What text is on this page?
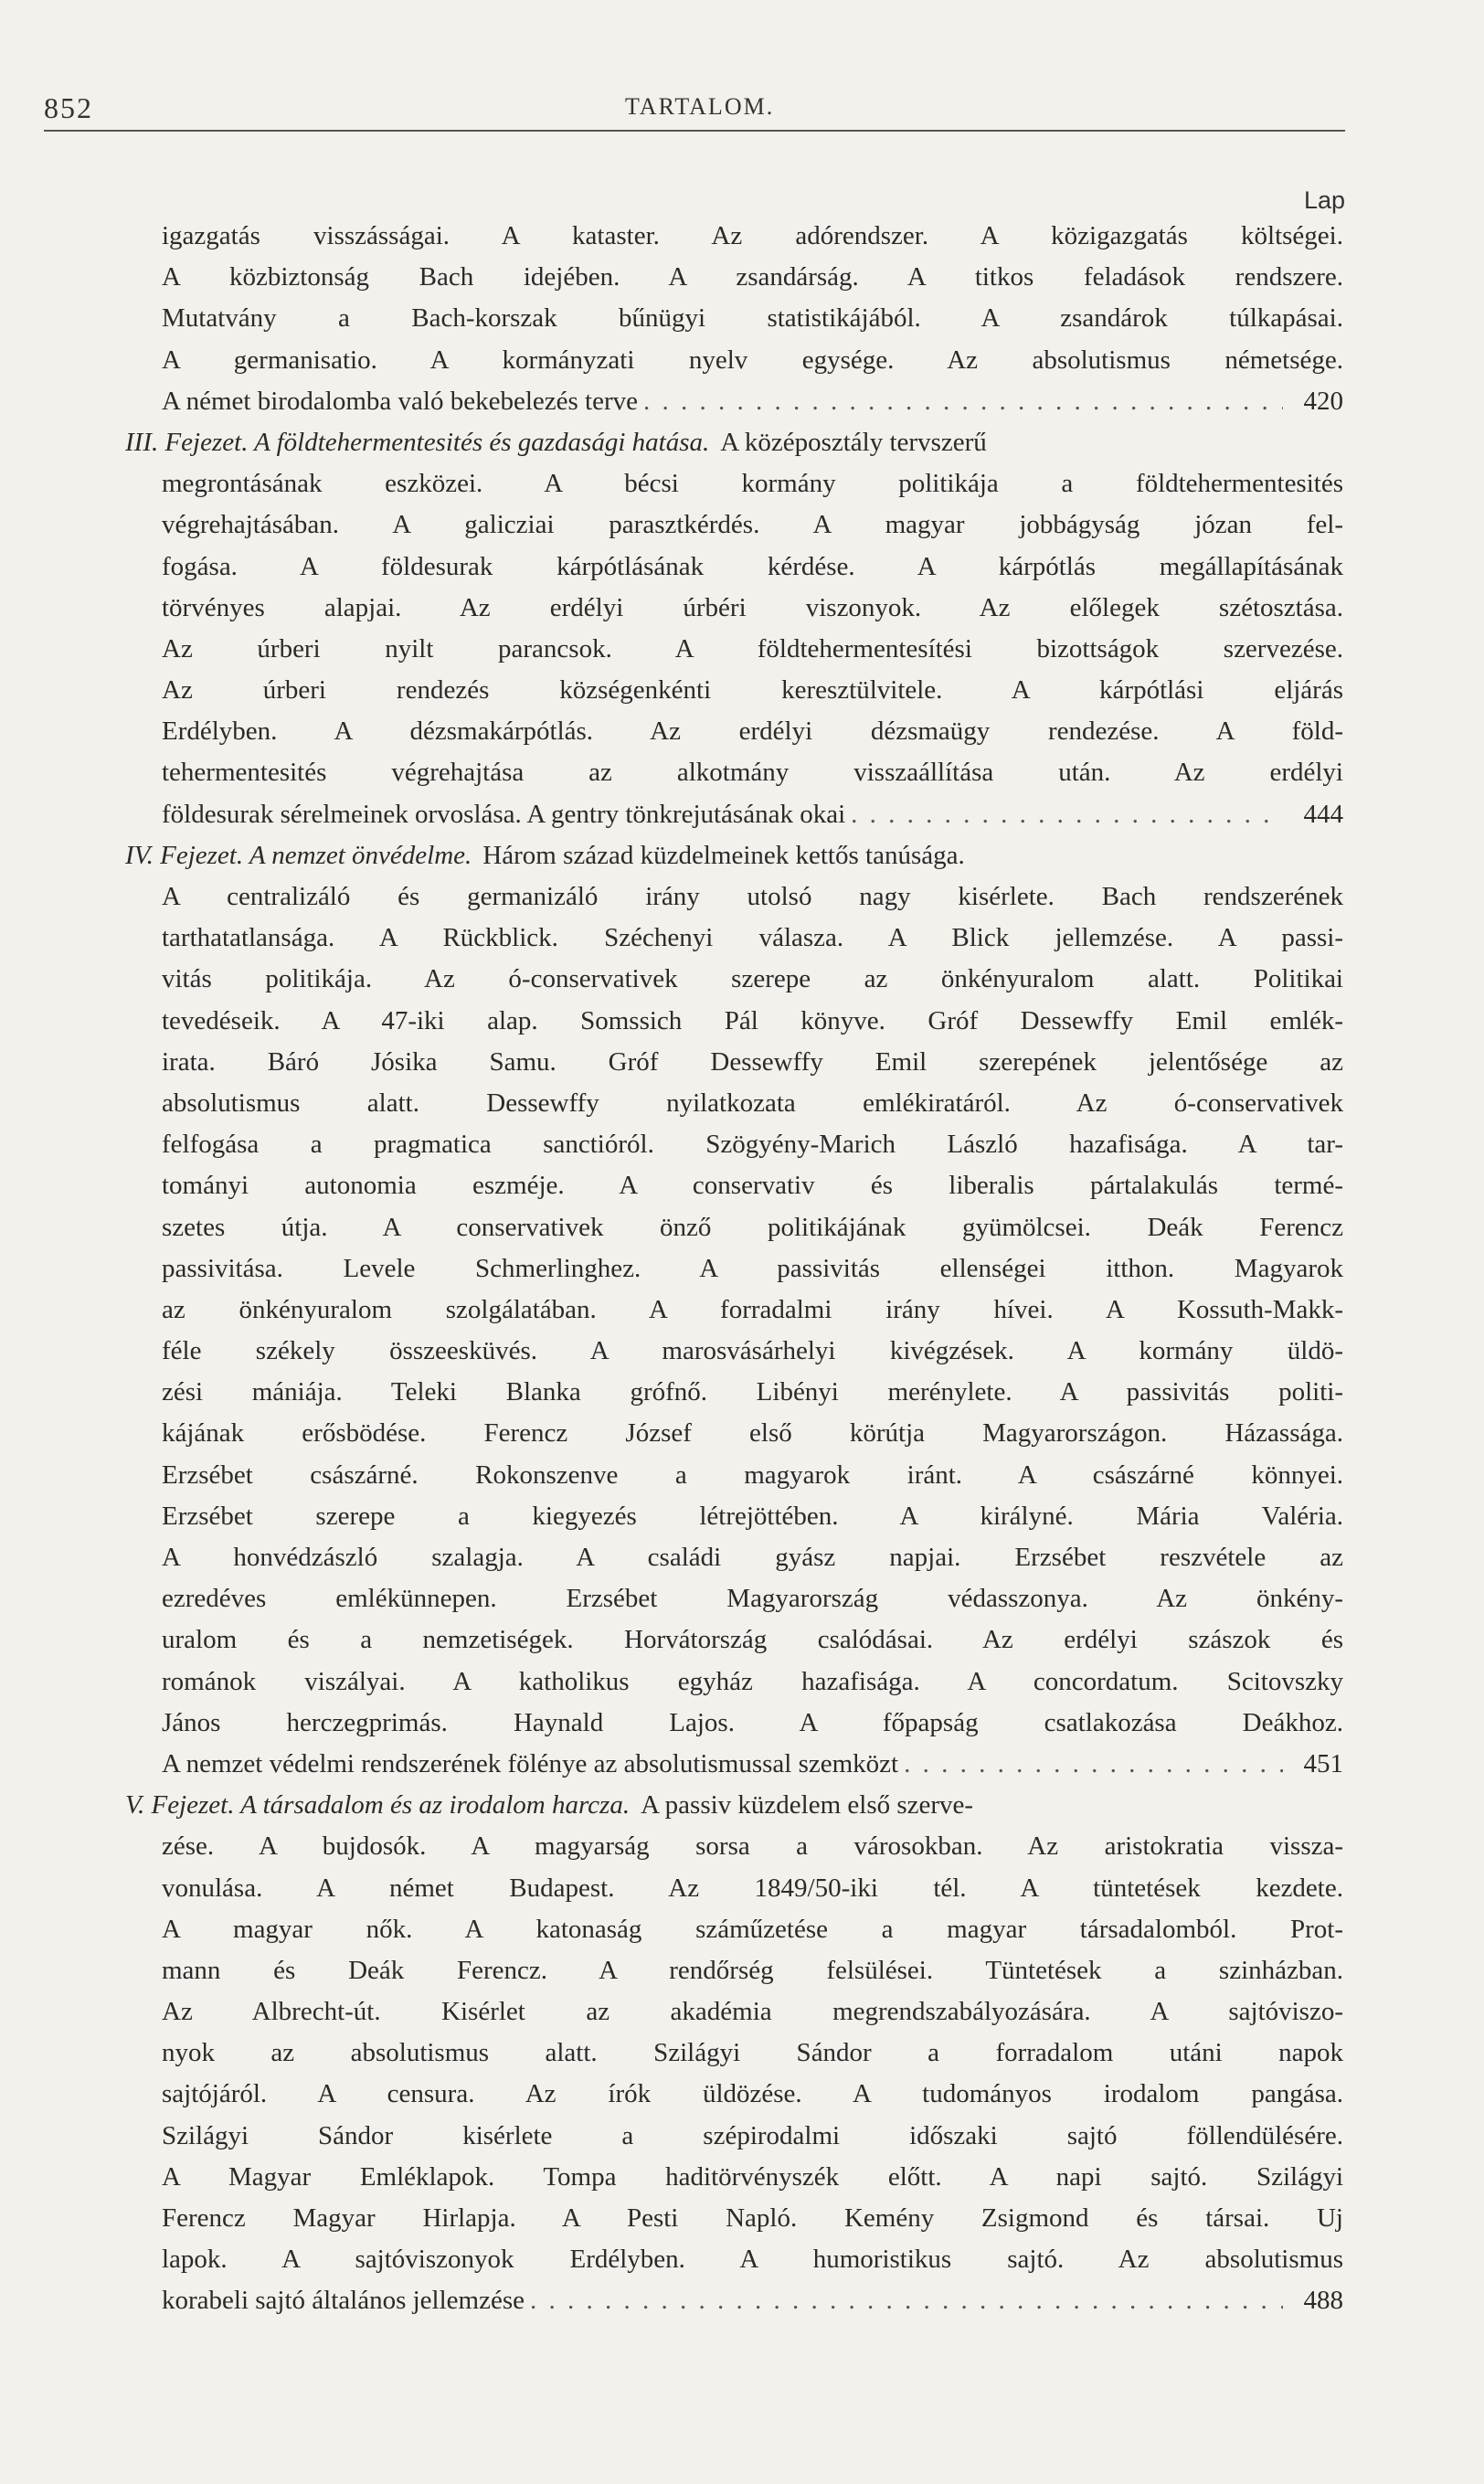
852	TARTALOM.
Lap
igazgatás visszásságai. A kataster. Az adórendszer. A közigazgatás költségei.
A közbiztonság Bach idejében. A zsandárság. A titkos feladások rendszere.
Mutatvány a Bach-korszak bűnügyi statistikájából. A zsandárok túlkapásai.
A germanisatio. A kormányzati nyelv egysége. Az absolutismus németsége.
A német birodalomba való bekebelezés terve . . .	420
III. Fejezet. A földtehermentesités és gazdasági hatása. A középosztály tervszerű
megrontásának eszközei. A bécsi kormány politikája a földtehermentesités
végrehajtásában. A galicziai parasztkérdés. A magyar jobbágyság józan fel-
fogása. A földesurak kárpótlásának kérdése. A kárpótlás megállapításának
törvényes alapjai. Az erdélyi úrbéri viszonyok. Az előlegek szétosztása.
Az úrberi nyilt parancsok. A földtehermentesítési bizottságok szervezése.
Az úrberi rendezés községenkénti keresztülvitele. A kárpótlási eljárás
Erdélyben. A dézsmakárpótlás. Az erdélyi dézsmaügy rendezése. A föld-
tehermentesités végrehajtása az alkotmány visszaállítása után. Az erdélyi
földesurak sérelmeinek orvoslása. A gentry tönkrejutásának okai . . .	444
IV. Fejezet. A nemzet önvédelme. Három század küzdelmeinek kettős tanúsága.
A centralizáló és germanizáló irány utolsó nagy kisérlete. Bach rendszerének
tarthatatlansága. A Rückblick. Széchenyi válasza. A Blick jellemzése. A passi-
vitás politikája. Az ó-conservativek szerepe az önkényuralom alatt. Politikai
tevedéseik. A 47-iki alap. Somssich Pál könyve. Gróf Dessewffy Emil emlék-
irata. Báró Jósika Samu. Gróf Dessewffy Emil szerepének jelentősége az
absolutismus alatt. Dessewffy nyilatkozata emlékiratáról. Az ó-conservativek
felfogása a pragmatica sanctióról. Szögyény-Marich László hazafisága. A tar-
tományi autonomia eszméje. A conservativ és liberalis pártalakulás termé-
szetes útja. A conservativek önző politikájának gyümölcsei. Deák Ferencz
passivitása. Levele Schmerlinghez. A passivitás ellenségei itthon. Magyarok
az önkényuralom szolgálatában. A forradalmi irány hívei. A Kossuth-Makk-
féle székely összeesküvés. A marosvásárhelyi kivégzések. A kormány üldö-
zési mániája. Teleki Blanka grófnő. Libényi merénylete. A passivitás politi-
kájának erősbödése. Ferencz József első körútja Magyarországon. Házassága.
Erzsébet császárné. Rokonszenve a magyarok iránt. A császárné könnyei.
Erzsébet szerepe a kiegyezés létrejöttében. A királyné. Mária Valéria.
A honvédzászló szalagja. A családi gyász napjai. Erzsébet reszvétele az
ezredéves emlékünnepen. Erzsébet Magyarország védasszonya. Az önkény-
uralom és a nemzetiségek. Horvátország csalódásai. Az erdélyi szászok és
románok viszályai. A katholikus egyház hazafisága. A concordatum. Scitovszky
János herczegprimás. Haynald Lajos. A főpapság csatlakozása Deákhoz.
A nemzet védelmi rendszerének fölénye az absolutismussal szemközt . . .	451
V. Fejezet. A társadalom és az irodalom harcza. A passiv küzdelem első szerve-
zése. A bujdosók. A magyarság sorsa a városokban. Az aristokratia vissza-
vonulása. A német Budapest. Az 1849/50-iki tél. A tüntetések kezdete.
A magyar nők. A katonaság száműzetése a magyar társadalomból. Prot-
mann és Deák Ferencz. A rendőrség felsülései. Tüntetések a szinházban.
Az Albrecht-út. Kisérlet az akadémia megrendszabályozására. A sajtóviszo-
nyok az absolutismus alatt. Szilágyi Sándor a forradalom utáni napok
sajtójáról. A censura. Az írók üldözése. A tudományos irodalom pangása.
Szilágyi Sándor kisérlete a szépirodalmi időszaki sajtó föllendülésére.
A Magyar Emléklapok. Tompa haditörvényszék előtt. A napi sajtó. Szilágyi
Ferencz Magyar Hirlapja. A Pesti Napló. Kemény Zsigmond és társai. Uj
lapok. A sajtóviszonyok Erdélyben. A humoristikus sajtó. Az absolutismus
korabeli sajtó általános jellemzése . . .	488
